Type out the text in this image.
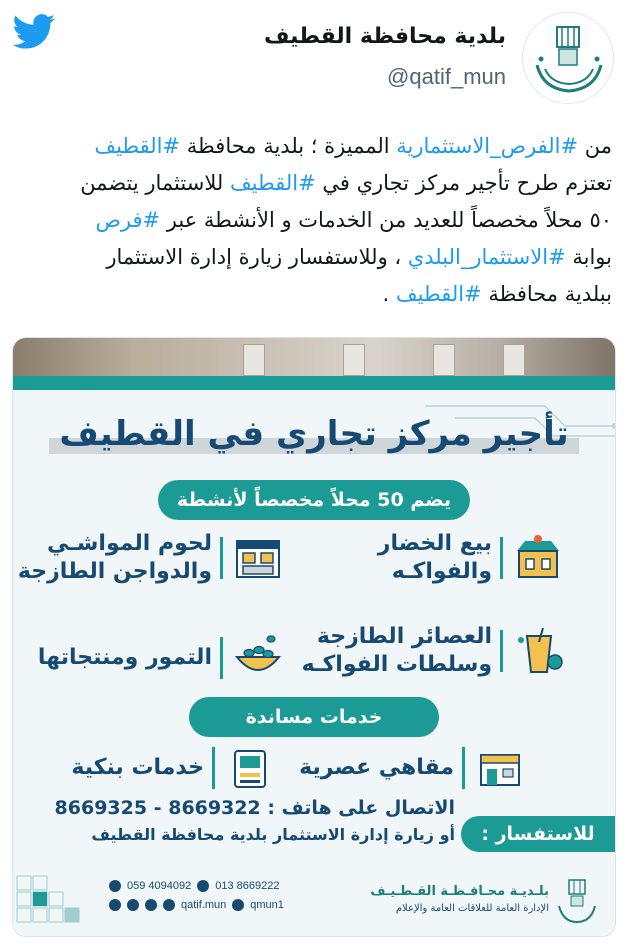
بلدية محافظة القطيف
@qatif_mun
من #الفرص_الاستثمارية المميزة ؛ بلدية محافظة #القطيف
تعتزم طرح تأجير مركز تجاري في #القطيف للاستثمار يتضمن
٥٠ محلاً مخصصاً للعديد من الخدمات و الأنشطة عبر #فرص
بوابة #الاستثمار_البلدي ، وللاستفسار زيارة إدارة الاستثمار
ببلدية محافظة #القطيف .
تأجير مركز تجاري في القطيف
يضم 50 محلاً مخصصاً لأنشطة
بيع الخضار
والفواكـه
لحوم المواشـي
والدواجن الطازجة
العصائر الطازجة
وسلطات الفواكـه
التمور ومنتجاتها
خدمات مساندة
مقاهي عصرية
خدمات بنكية
للاستفسار :
الاتصال على هاتف : 8669322 - 8669325
أو زيارة إدارة الاستثمار بلدية محافظة القطيف
059 4094092 013 8669222
qatif.mun qmun1
بلـديـة محـافـظـة القـطـيـف
الإدارة العامة للعلاقات العامة والإعلام
